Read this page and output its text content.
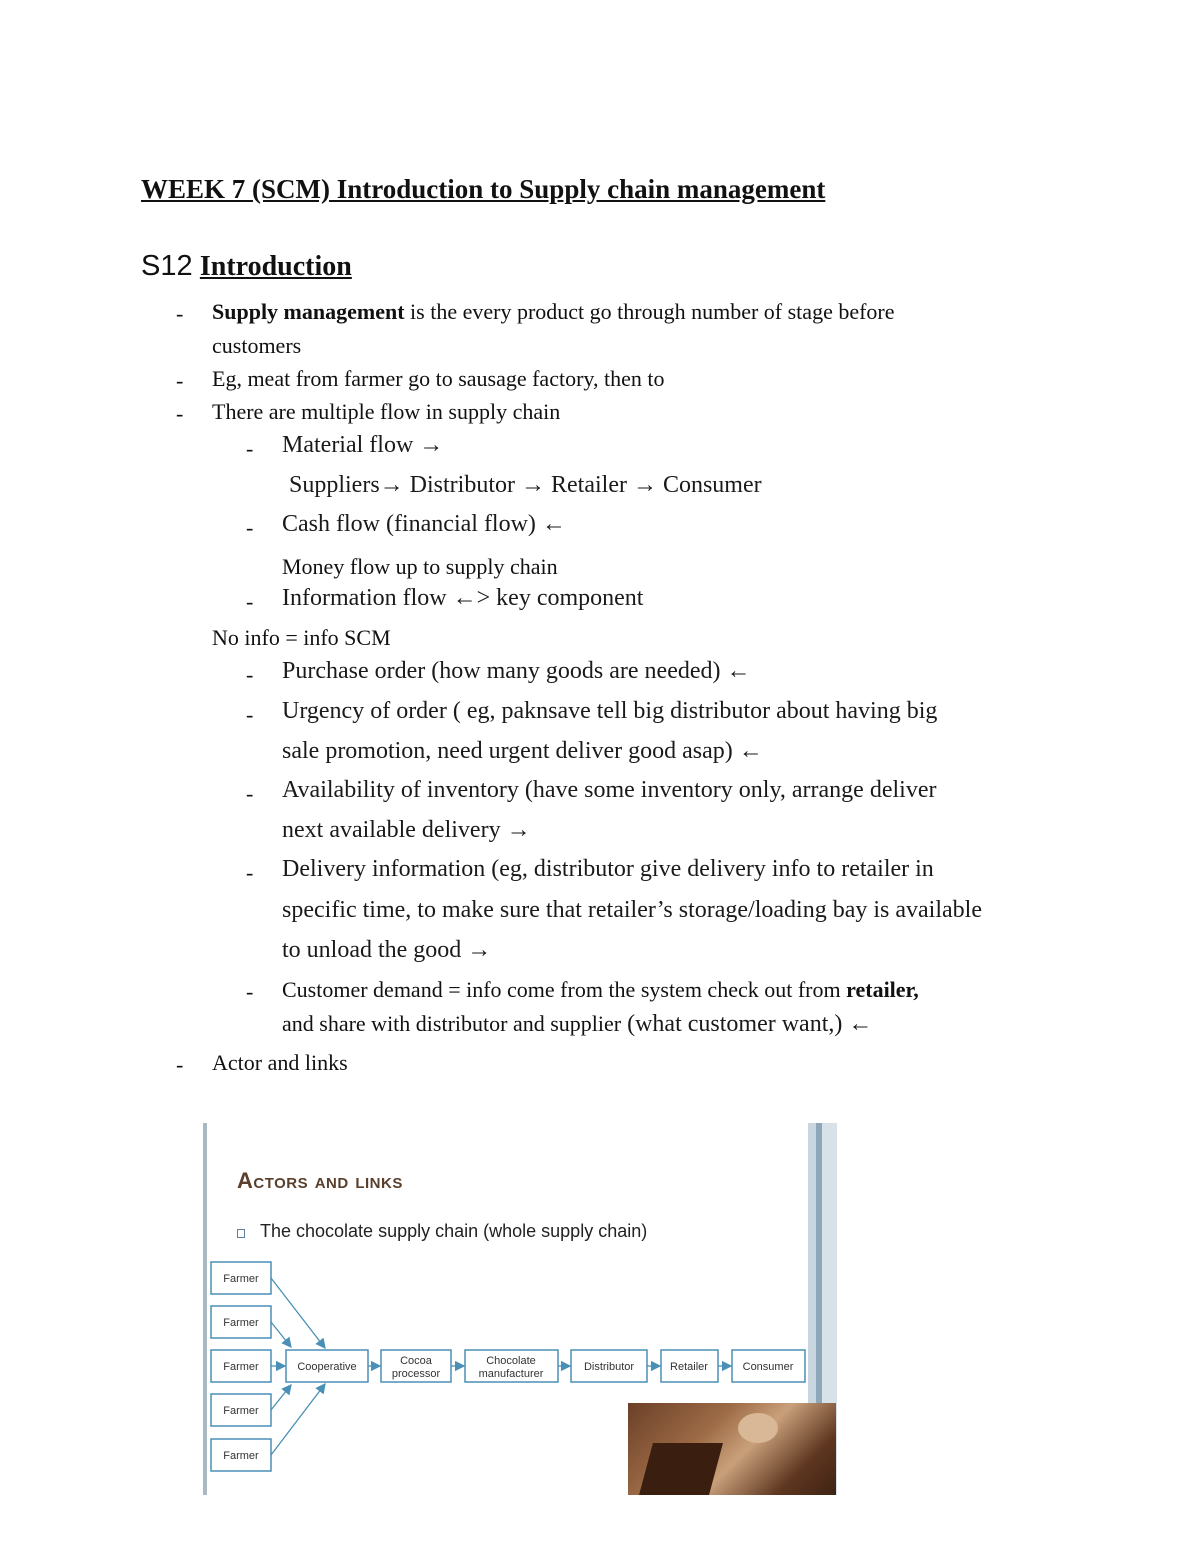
WEEK 7 (SCM) Introduction to Supply chain management
S12 Introduction
- Supply management is the every product go through number of stage before
customers
- Eg, meat from farmer go to sausage factory, then to
- There are multiple flow in supply chain
- Material flow →
Suppliers→ Distributor → Retailer → Consumer
- Cash flow (financial flow) ←
Money flow up to supply chain
- Information flow ←> key component
No info = info SCM
- Purchase order (how many goods are needed) ←
- Urgency of order ( eg, paknsave tell big distributor about having big
sale promotion, need urgent deliver good asap) ←
- Availability of inventory (have some inventory only, arrange deliver
next available delivery →
- Delivery information (eg, distributor give delivery info to retailer in
specific time, to make sure that retailer’s storage/loading bay is available
to unload the good →
- Customer demand = info come from the system check out from retailer,
and share with distributor and supplier (what customer want,) ←
- Actor and links
Actors and links
The chocolate supply chain (whole supply chain)
Farmer
Farmer
Farmer
Farmer
Farmer
Cooperative	Cocoa
processor
Chocolate
manufacturer
Distributor	Retailer	Consumer
